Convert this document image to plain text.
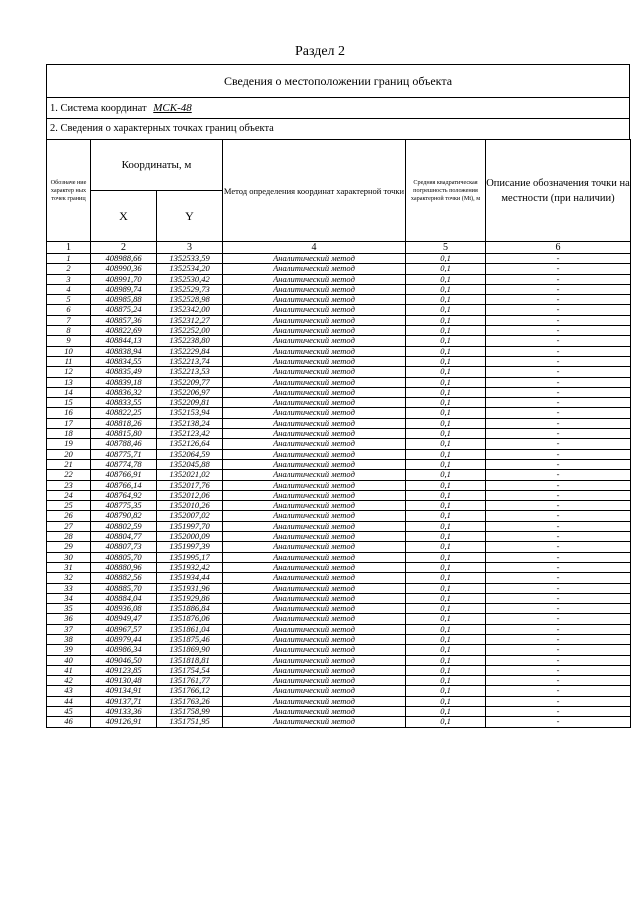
Раздел 2
Сведения о местоположении границ объекта
1. Система координат МСК-48
2. Сведения о характерных точках границ объекта
Обозначе ние характер ных точек границ	Координаты, м		Метод определения координат характерной точки	Средняя квадратическая погрешность положения характерной точки (Mt), м	Описание обозначения точки на местности (при наличии)
	X	Y			
1	2	3	4	5	6
1	408988,66	1352533,59	Аналитический метод	0,1	-
2	408990,36	1352534,20	Аналитический метод	0,1	-
3	408991,70	1352530,42	Аналитический метод	0,1	-
4	408989,74	1352529,73	Аналитический метод	0,1	-
5	408985,88	1352528,98	Аналитический метод	0,1	-
6	408875,24	1352342,00	Аналитический метод	0,1	-
7	408857,36	1352312,27	Аналитический метод	0,1	-
8	408822,69	1352252,00	Аналитический метод	0,1	-
9	408844,13	1352238,80	Аналитический метод	0,1	-
10	408838,94	1352229,84	Аналитический метод	0,1	-
11	408834,55	1352213,74	Аналитический метод	0,1	-
12	408835,49	1352213,53	Аналитический метод	0,1	-
13	408839,18	1352209,77	Аналитический метод	0,1	-
14	408836,32	1352206,97	Аналитический метод	0,1	-
15	408833,55	1352209,81	Аналитический метод	0,1	-
16	408822,25	1352153,94	Аналитический метод	0,1	-
17	408818,26	1352138,24	Аналитический метод	0,1	-
18	408815,80	1352123,42	Аналитический метод	0,1	-
19	408788,46	1352126,64	Аналитический метод	0,1	-
20	408775,71	1352064,59	Аналитический метод	0,1	-
21	408774,78	1352045,88	Аналитический метод	0,1	-
22	408766,91	1352021,02	Аналитический метод	0,1	-
23	408766,14	1352017,76	Аналитический метод	0,1	-
24	408764,92	1352012,06	Аналитический метод	0,1	-
25	408775,35	1352010,26	Аналитический метод	0,1	-
26	408790,82	1352007,02	Аналитический метод	0,1	-
27	408802,59	1351997,70	Аналитический метод	0,1	-
28	408804,77	1352000,09	Аналитический метод	0,1	-
29	408807,73	1351997,39	Аналитический метод	0,1	-
30	408805,70	1351995,17	Аналитический метод	0,1	-
31	408880,96	1351932,42	Аналитический метод	0,1	-
32	408882,56	1351934,44	Аналитический метод	0,1	-
33	408885,70	1351931,96	Аналитический метод	0,1	-
34	408884,04	1351929,86	Аналитический метод	0,1	-
35	408936,08	1351886,84	Аналитический метод	0,1	-
36	408949,47	1351876,06	Аналитический метод	0,1	-
37	408967,57	1351861,04	Аналитический метод	0,1	-
38	408979,44	1351875,46	Аналитический метод	0,1	-
39	408986,34	1351869,90	Аналитический метод	0,1	-
40	409046,50	1351818,81	Аналитический метод	0,1	-
41	409123,85	1351754,54	Аналитический метод	0,1	-
42	409130,48	1351761,77	Аналитический метод	0,1	-
43	409134,91	1351766,12	Аналитический метод	0,1	-
44	409137,71	1351763,26	Аналитический метод	0,1	-
45	409133,36	1351758,99	Аналитический метод	0,1	-
46	409126,91	1351751,95	Аналитический метод	0,1	-
